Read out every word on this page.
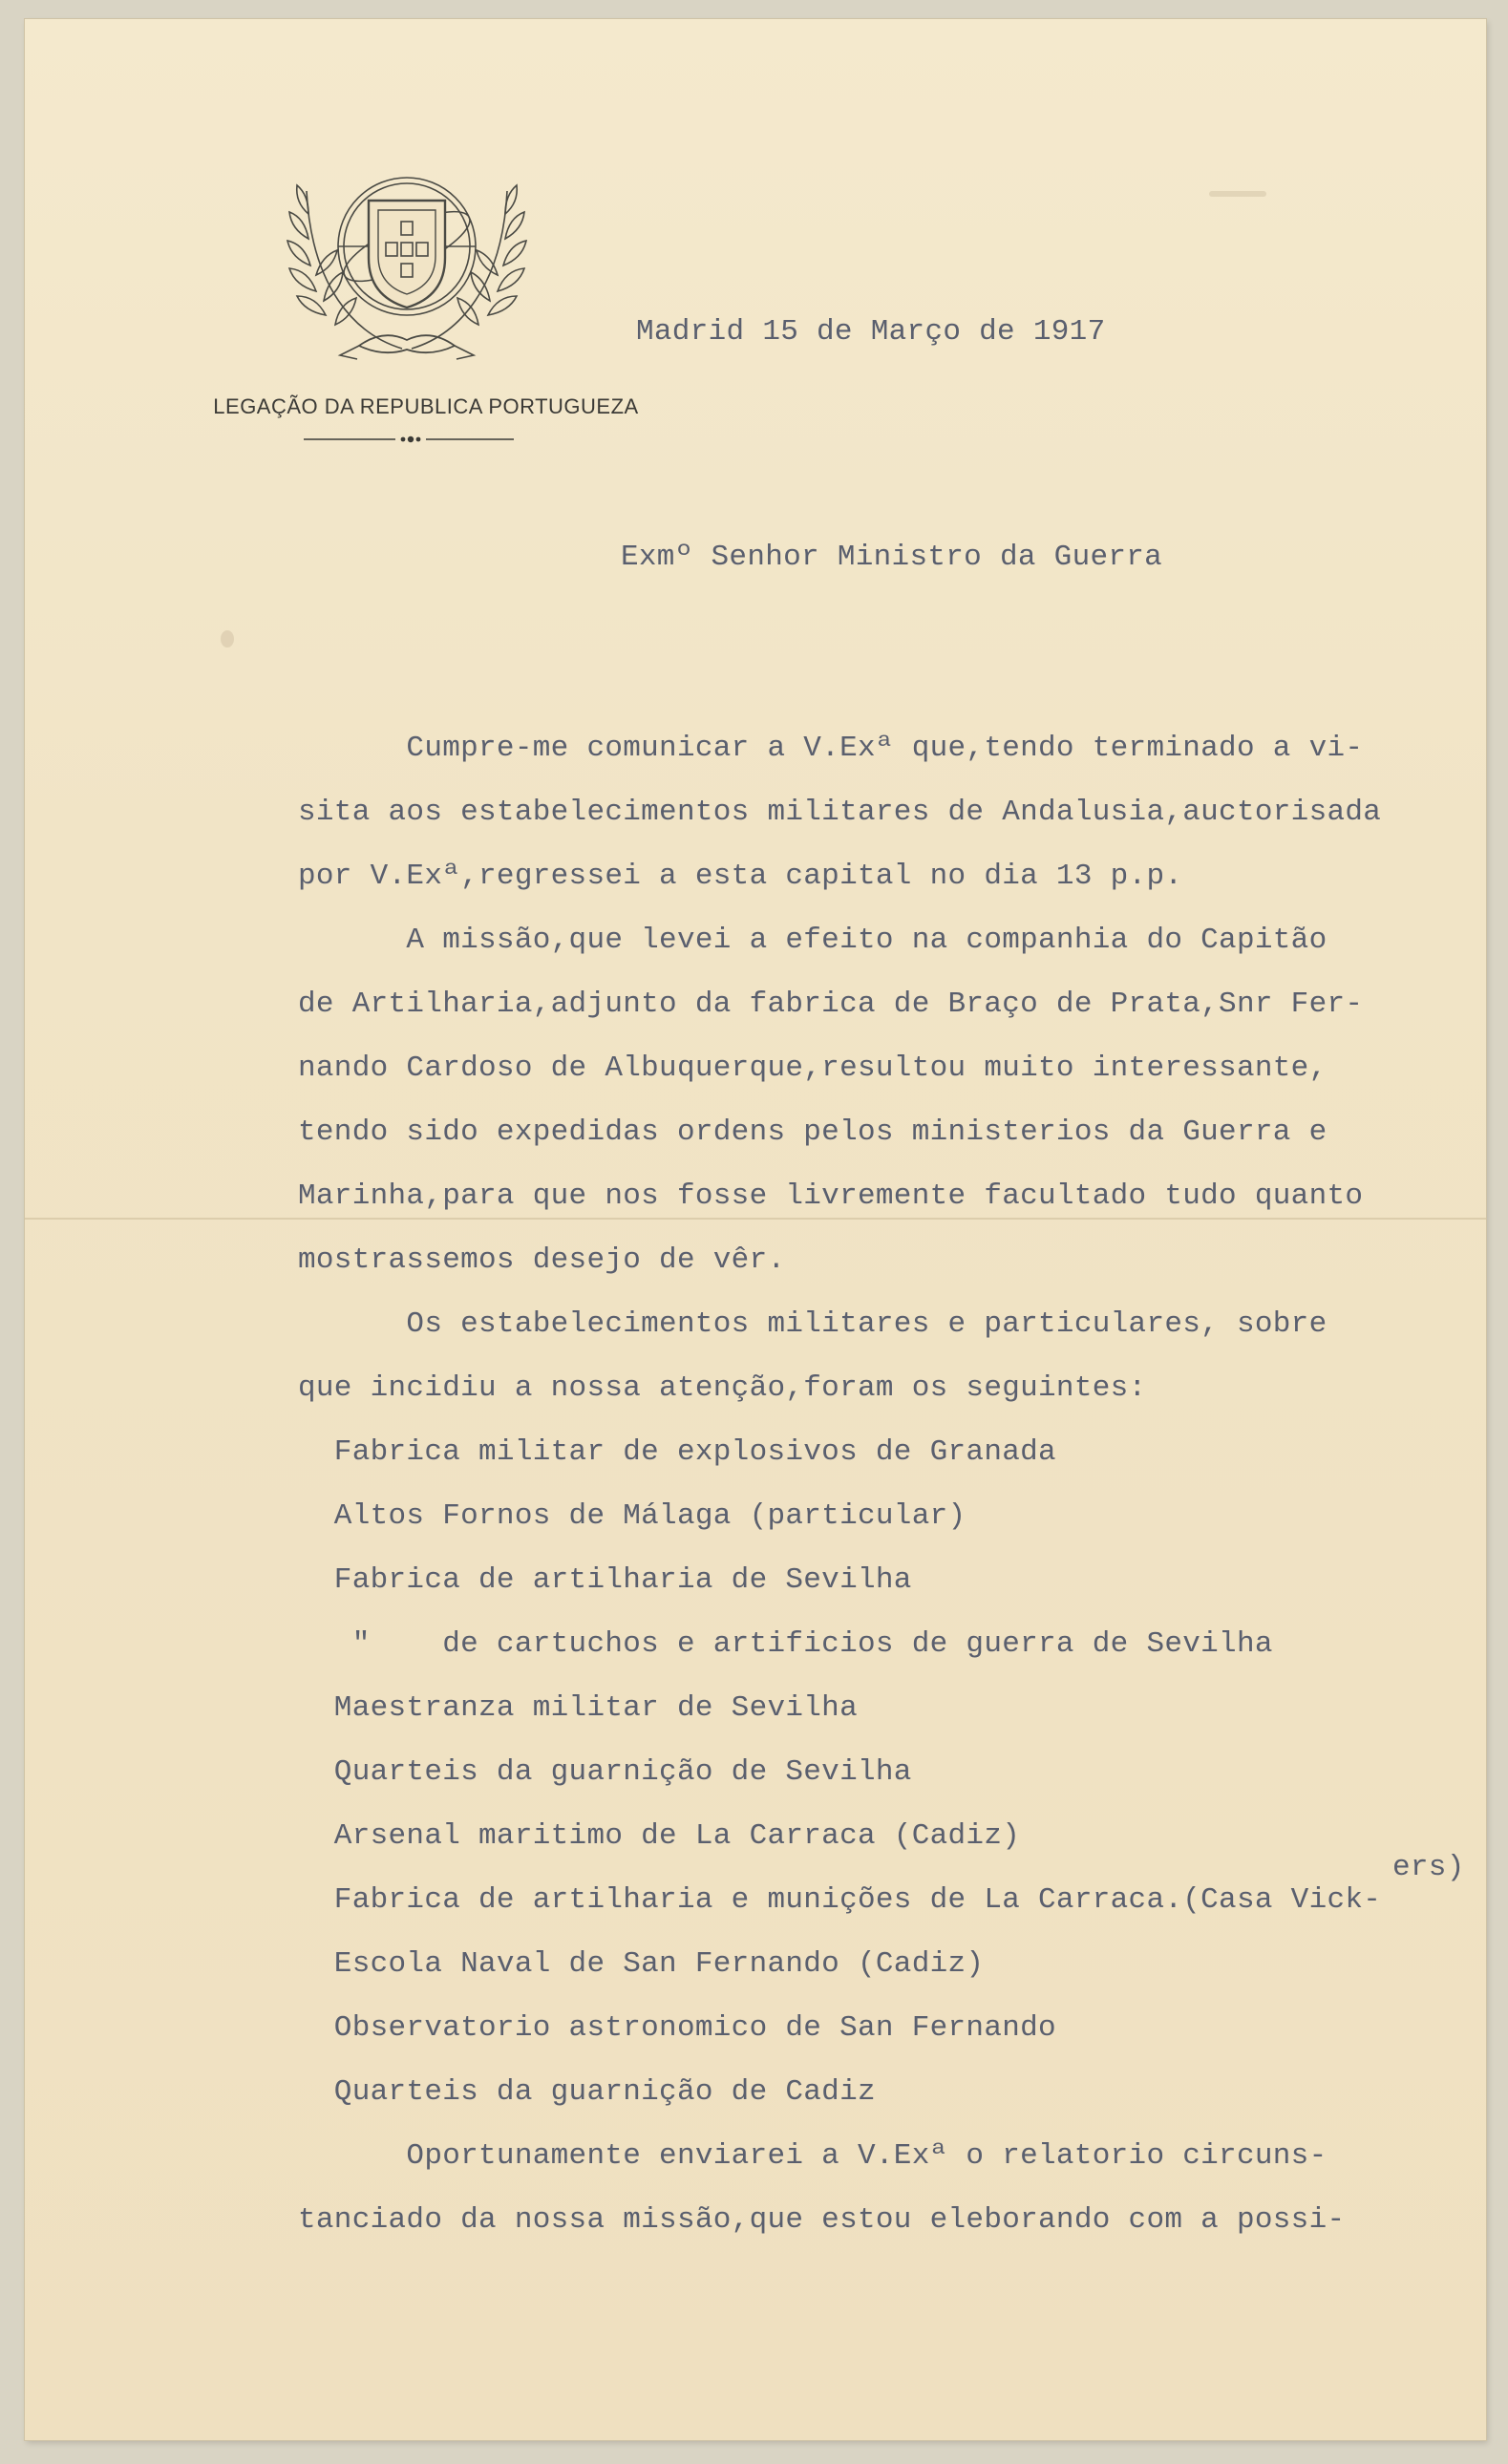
LEGAÇÃO DA REPUBLICA PORTUGUEZA
Madrid 15 de Março de 1917
Exmº Senhor Ministro da Guerra
Cumpre-me comunicar a V.Exª que,tendo terminado a vi-
sita aos estabelecimentos militares de Andalusia,auctorisada
por V.Exª,regressei a esta capital no dia 13 p.p.
A missão,que levei a efeito na companhia do Capitão
de Artilharia,adjunto da fabrica de Braço de Prata,Snr Fer-
nando Cardoso de Albuquerque,resultou muito interessante,
tendo sido expedidas ordens pelos ministerios da Guerra e
Marinha,para que nos fosse livremente facultado tudo quanto
mostrassemos desejo de vêr.
Os estabelecimentos militares e particulares, sobre
que incidiu a nossa atenção,foram os seguintes:
Fabrica militar de explosivos de Granada
Altos Fornos de Málaga (particular)
Fabrica de artilharia de Sevilha
"    de cartuchos e artificios de guerra de Sevilha
Maestranza militar de Sevilha
Quarteis da guarnição de Sevilha
Arsenal maritimo de La Carraca (Cadiz)
ers)
Fabrica de artilharia e munições de La Carraca.(Casa Vick-
Escola Naval de San Fernando (Cadiz)
Observatorio astronomico de San Fernando
Quarteis da guarnição de Cadiz
Oportunamente enviarei a V.Exª o relatorio circuns-
tanciado da nossa missão,que estou eleborando com a possi-
